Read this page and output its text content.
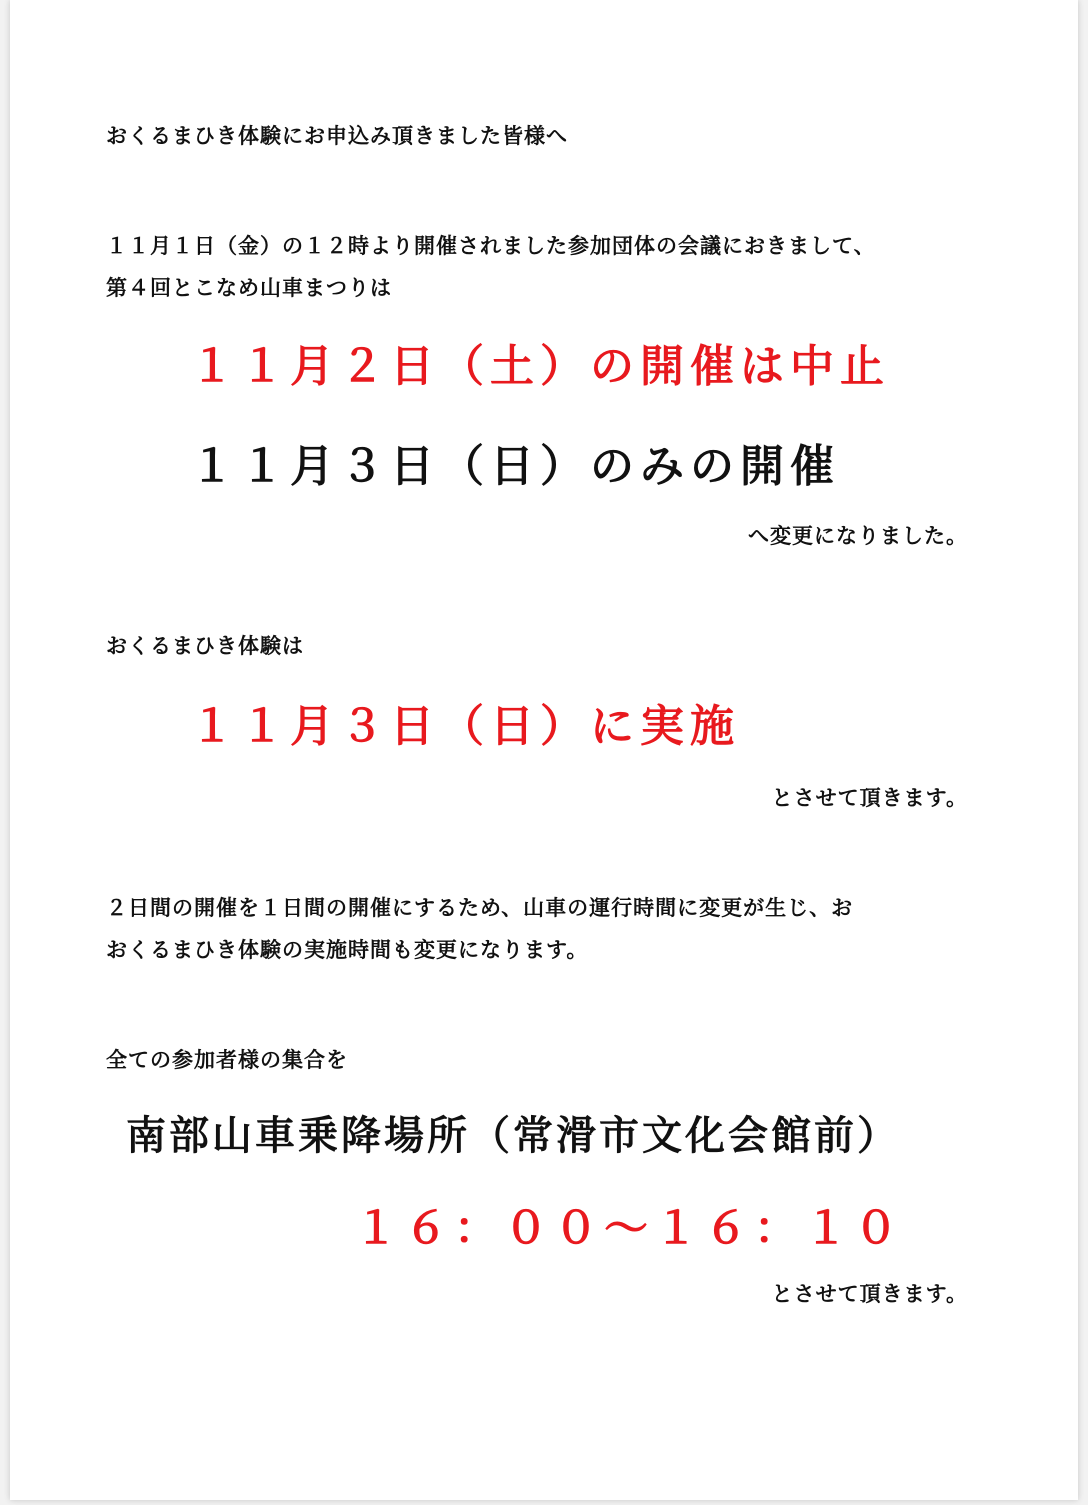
おくるまひき体験にお申込み頂きました皆様へ

１１月１日（金）の１２時より開催されました参加団体の会議におきまして、

第４回とこなめ山車まつりは

１１月２日（土）の開催は中止

１１月３日（日）のみの開催

へ変更になりました。

おくるまひき体験は

１１月３日（日）に実施

とさせて頂きます。

２日間の開催を１日間の開催にするため、山車の運行時間に変更が生じ、お

おくるまひき体験の実施時間も変更になります。

全ての参加者様の集合を

南部山車乗降場所（常滑市文化会館前）

１６：００～１６：１０

とさせて頂きます。
